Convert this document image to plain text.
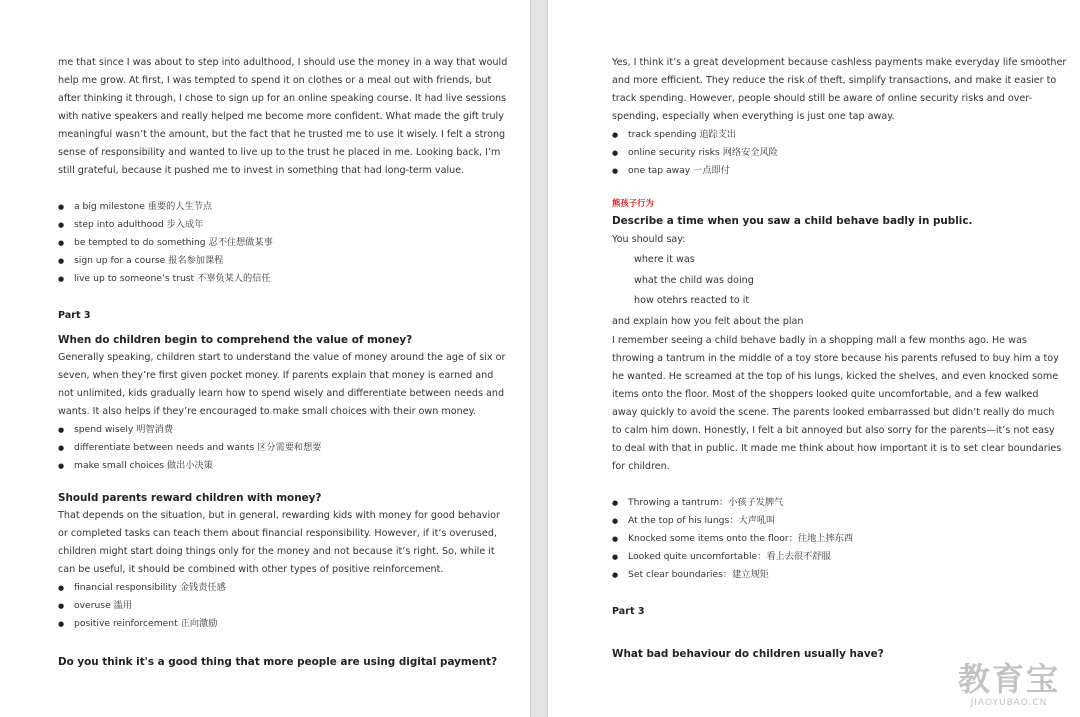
me that since I was about to step into adulthood, I should use the money in a way that would
help me grow. At first, I was tempted to spend it on clothes or a meal out with friends, but
after thinking it through, I chose to sign up for an online speaking course. It had live sessions
with native speakers and really helped me become more confident. What made the gift truly
meaningful wasn’t the amount, but the fact that he trusted me to use it wisely. I felt a strong
sense of responsibility and wanted to live up to the trust he placed in me. Looking back, I’m
still grateful, because it pushed me to invest in something that had long-term value.
● a big milestone 重要的人生节点
● step into adulthood 步入成年
● be tempted to do something 忍不住想做某事
● sign up for a course 报名参加课程
● live up to someone’s trust 不辜负某人的信任
Part 3
When do children begin to comprehend the value of money?
Generally speaking, children start to understand the value of money around the age of six or
seven, when they’re first given pocket money. If parents explain that money is earned and
not unlimited, kids gradually learn how to spend wisely and differentiate between needs and
wants. It also helps if they’re encouraged to make small choices with their own money.
● spend wisely 明智消费
● differentiate between needs and wants 区分需要和想要
● make small choices 做出小决策
Should parents reward children with money?
That depends on the situation, but in general, rewarding kids with money for good behavior
or completed tasks can teach them about financial responsibility. However, if it’s overused,
children might start doing things only for the money and not because it’s right. So, while it
can be useful, it should be combined with other types of positive reinforcement.
● financial responsibility 金钱责任感
● overuse 滥用
● positive reinforcement 正向激励
Do you think it's a good thing that more people are using digital payment?
Yes, I think it’s a great development because cashless payments make everyday life smoother
and more efficient. They reduce the risk of theft, simplify transactions, and make it easier to
track spending. However, people should still be aware of online security risks and over-
spending, especially when everything is just one tap away.
● track spending 追踪支出
● online security risks 网络安全风险
● one tap away 一点即付
熊孩子行为
Describe a time when you saw a child behave badly in public.
You should say:
where it was
what the child was doing
how otehrs reacted to it
and explain how you felt about the plan
I remember seeing a child behave badly in a shopping mall a few months ago. He was
throwing a tantrum in the middle of a toy store because his parents refused to buy him a toy
he wanted. He screamed at the top of his lungs, kicked the shelves, and even knocked some
items onto the floor. Most of the shoppers looked quite uncomfortable, and a few walked
away quickly to avoid the scene. The parents looked embarrassed but didn’t really do much
to calm him down. Honestly, I felt a bit annoyed but also sorry for the parents—it’s not easy
to deal with that in public. It made me think about how important it is to set clear boundaries
for children.
● Throwing a tantrum：小孩子发脾气
● At the top of his lungs：大声吼叫
● Knocked some items onto the floor：往地上摔东西
● Looked quite uncomfortable：看上去很不舒服
● Set clear boundaries：建立规矩
Part 3
What bad behaviour do children usually have?
教育宝
JIAOYUBAO.CN
